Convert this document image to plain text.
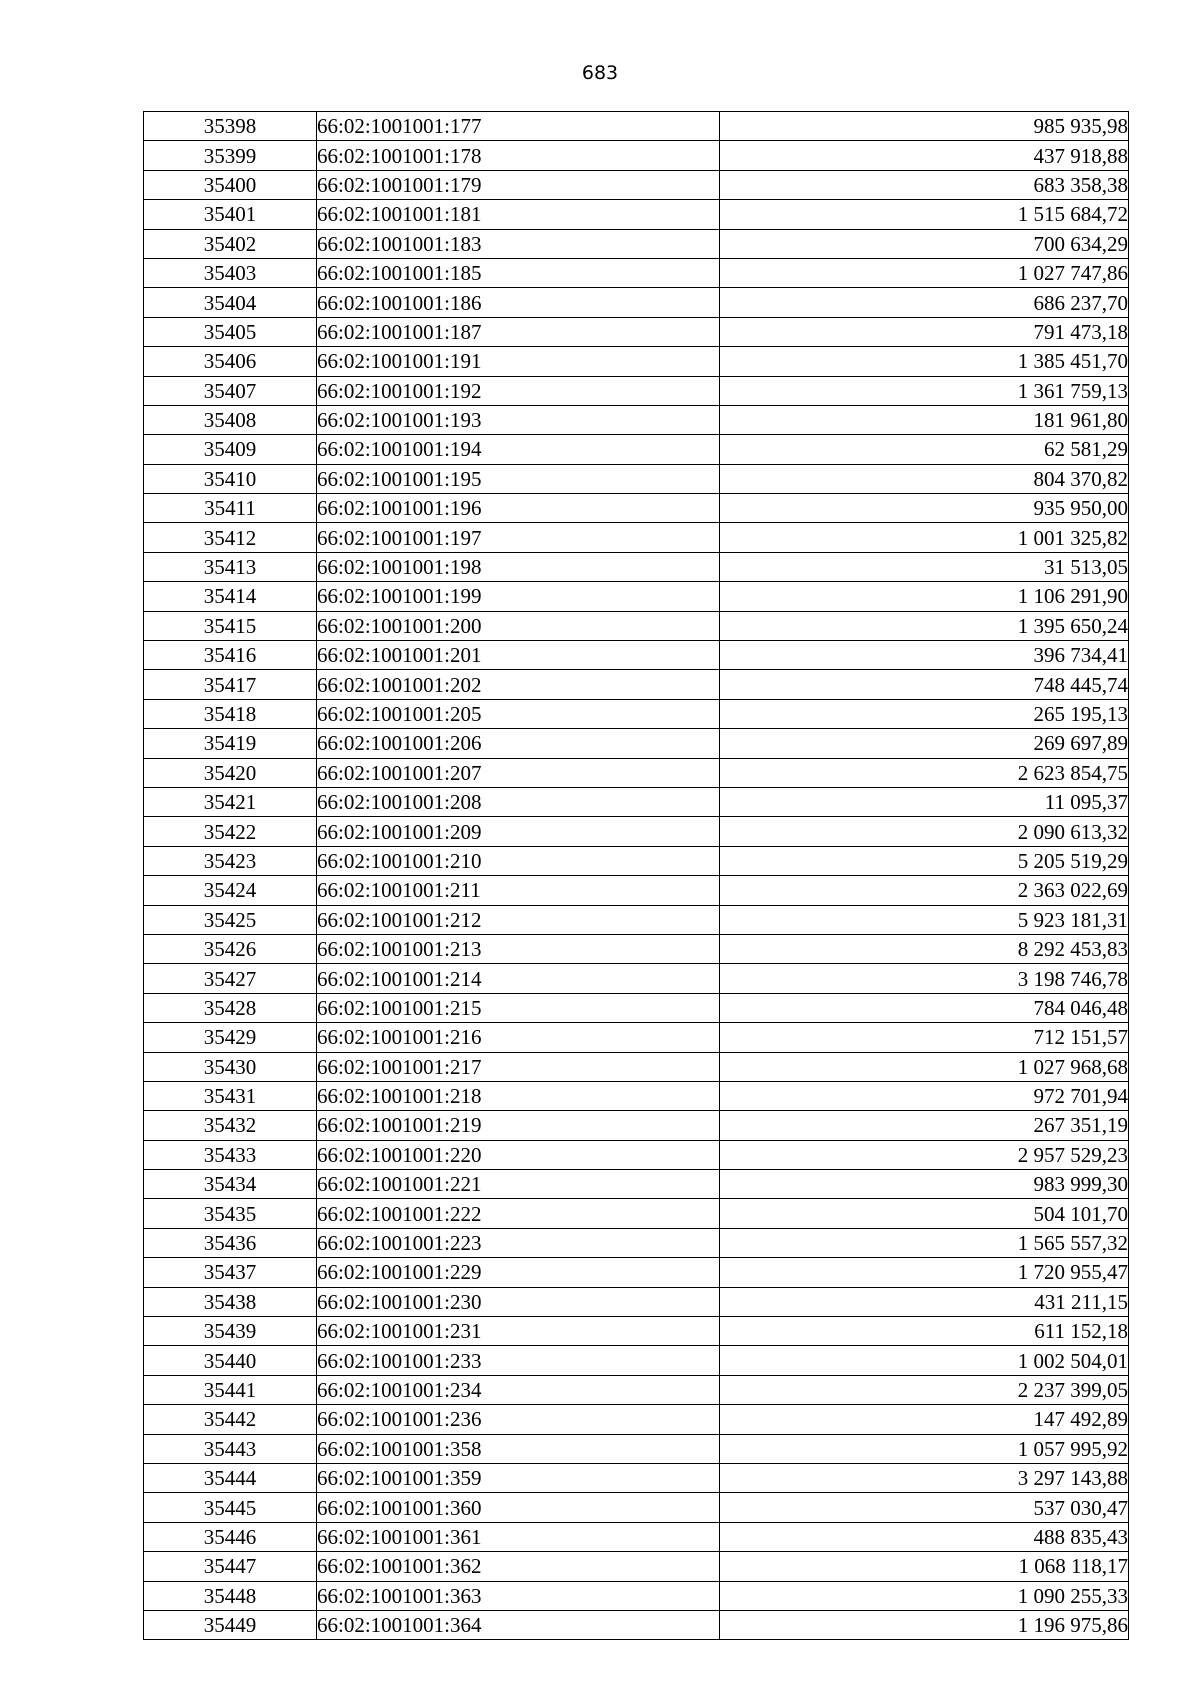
683
35398	66:02:1001001:177	985 935,98
35399	66:02:1001001:178	437 918,88
35400	66:02:1001001:179	683 358,38
35401	66:02:1001001:181	1 515 684,72
35402	66:02:1001001:183	700 634,29
35403	66:02:1001001:185	1 027 747,86
35404	66:02:1001001:186	686 237,70
35405	66:02:1001001:187	791 473,18
35406	66:02:1001001:191	1 385 451,70
35407	66:02:1001001:192	1 361 759,13
35408	66:02:1001001:193	181 961,80
35409	66:02:1001001:194	62 581,29
35410	66:02:1001001:195	804 370,82
35411	66:02:1001001:196	935 950,00
35412	66:02:1001001:197	1 001 325,82
35413	66:02:1001001:198	31 513,05
35414	66:02:1001001:199	1 106 291,90
35415	66:02:1001001:200	1 395 650,24
35416	66:02:1001001:201	396 734,41
35417	66:02:1001001:202	748 445,74
35418	66:02:1001001:205	265 195,13
35419	66:02:1001001:206	269 697,89
35420	66:02:1001001:207	2 623 854,75
35421	66:02:1001001:208	11 095,37
35422	66:02:1001001:209	2 090 613,32
35423	66:02:1001001:210	5 205 519,29
35424	66:02:1001001:211	2 363 022,69
35425	66:02:1001001:212	5 923 181,31
35426	66:02:1001001:213	8 292 453,83
35427	66:02:1001001:214	3 198 746,78
35428	66:02:1001001:215	784 046,48
35429	66:02:1001001:216	712 151,57
35430	66:02:1001001:217	1 027 968,68
35431	66:02:1001001:218	972 701,94
35432	66:02:1001001:219	267 351,19
35433	66:02:1001001:220	2 957 529,23
35434	66:02:1001001:221	983 999,30
35435	66:02:1001001:222	504 101,70
35436	66:02:1001001:223	1 565 557,32
35437	66:02:1001001:229	1 720 955,47
35438	66:02:1001001:230	431 211,15
35439	66:02:1001001:231	611 152,18
35440	66:02:1001001:233	1 002 504,01
35441	66:02:1001001:234	2 237 399,05
35442	66:02:1001001:236	147 492,89
35443	66:02:1001001:358	1 057 995,92
35444	66:02:1001001:359	3 297 143,88
35445	66:02:1001001:360	537 030,47
35446	66:02:1001001:361	488 835,43
35447	66:02:1001001:362	1 068 118,17
35448	66:02:1001001:363	1 090 255,33
35449	66:02:1001001:364	1 196 975,86
